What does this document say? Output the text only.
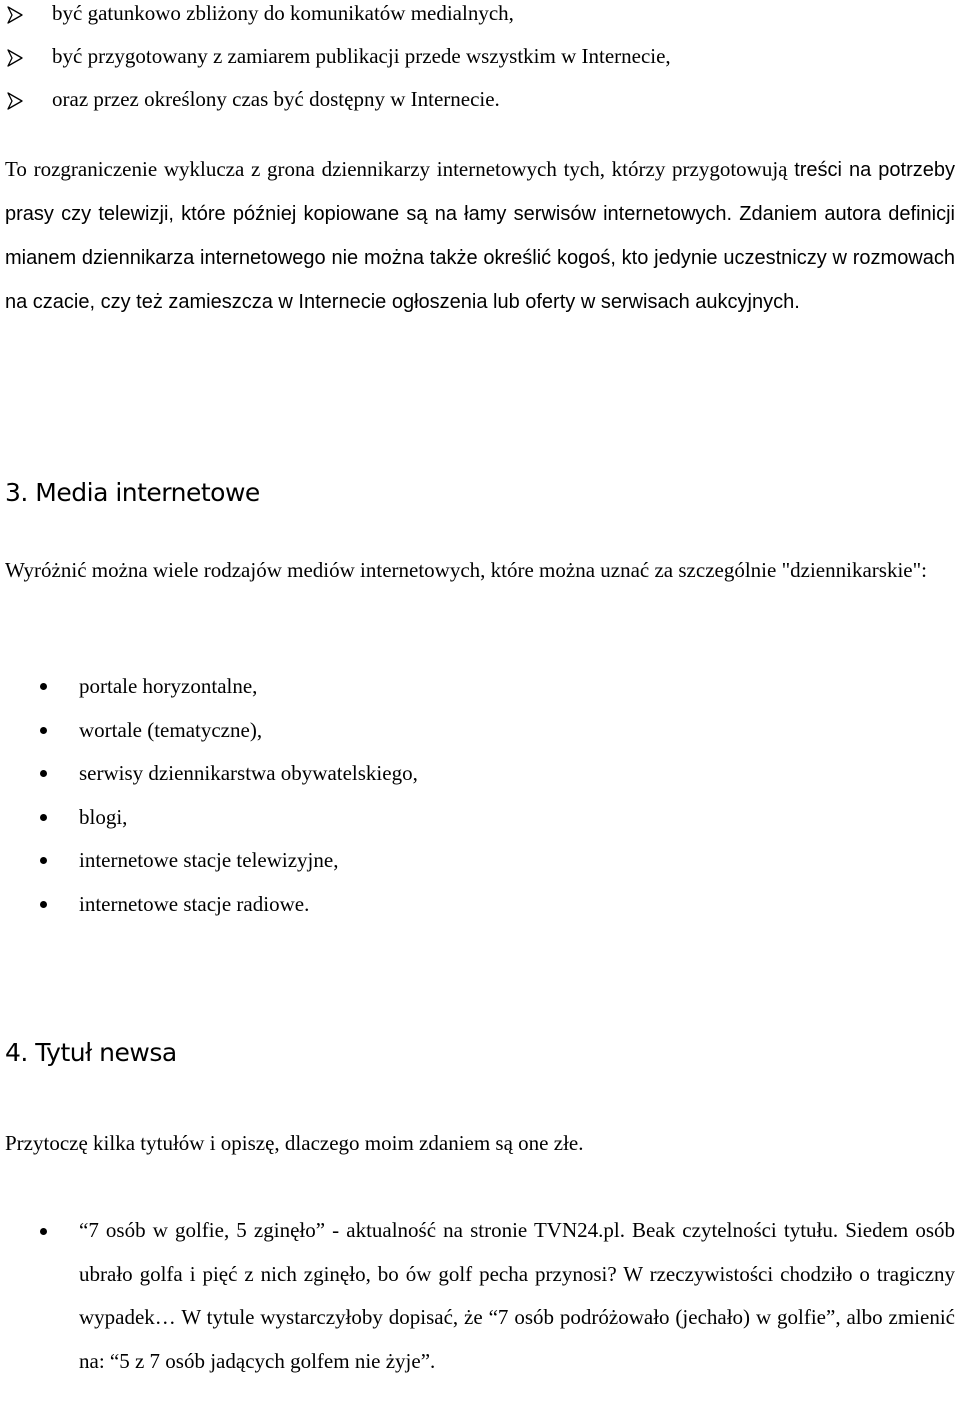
być gatunkowo zbliżony do komunikatów medialnych,
być przygotowany z zamiarem publikacji przede wszystkim w Internecie,
oraz przez określony czas być dostępny w Internecie.

To rozgraniczenie wyklucza z grona dziennikarzy internetowych tych, którzy przygotowują treści na potrzeby prasy czy telewizji, które później kopiowane są na łamy serwisów internetowych. Zdaniem autora definicji mianem dziennikarza internetowego nie można także określić kogoś, kto jedynie uczestniczy w rozmowach na czacie, czy też zamieszcza w Internecie ogłoszenia lub oferty w serwisach aukcyjnych.

3. Media internetowe

Wyróżnić można wiele rodzajów mediów internetowych, które można uznać za szczególnie "dziennikarskie":

portale horyzontalne,
wortale (tematyczne),
serwisy dziennikarstwa obywatelskiego,
blogi,
internetowe stacje telewizyjne,
internetowe stacje radiowe.
4. Tytuł newsa

Przytoczę kilka tytułów i opiszę, dlaczego moim zdaniem są one złe.

“7 osób w golfie, 5 zginęło” - aktualność na stronie TVN24.pl. Beak czytelności tytułu. Siedem osób ubrało golfa i pięć z nich zginęło, bo ów golf pecha przynosi? W rzeczywistości chodziło o tragiczny wypadek… W tytule wystarczyłoby dopisać, że “7 osób podróżowało (jechało) w golfie”, albo zmienić na: “5 z 7 osób jadących golfem nie żyje”.
